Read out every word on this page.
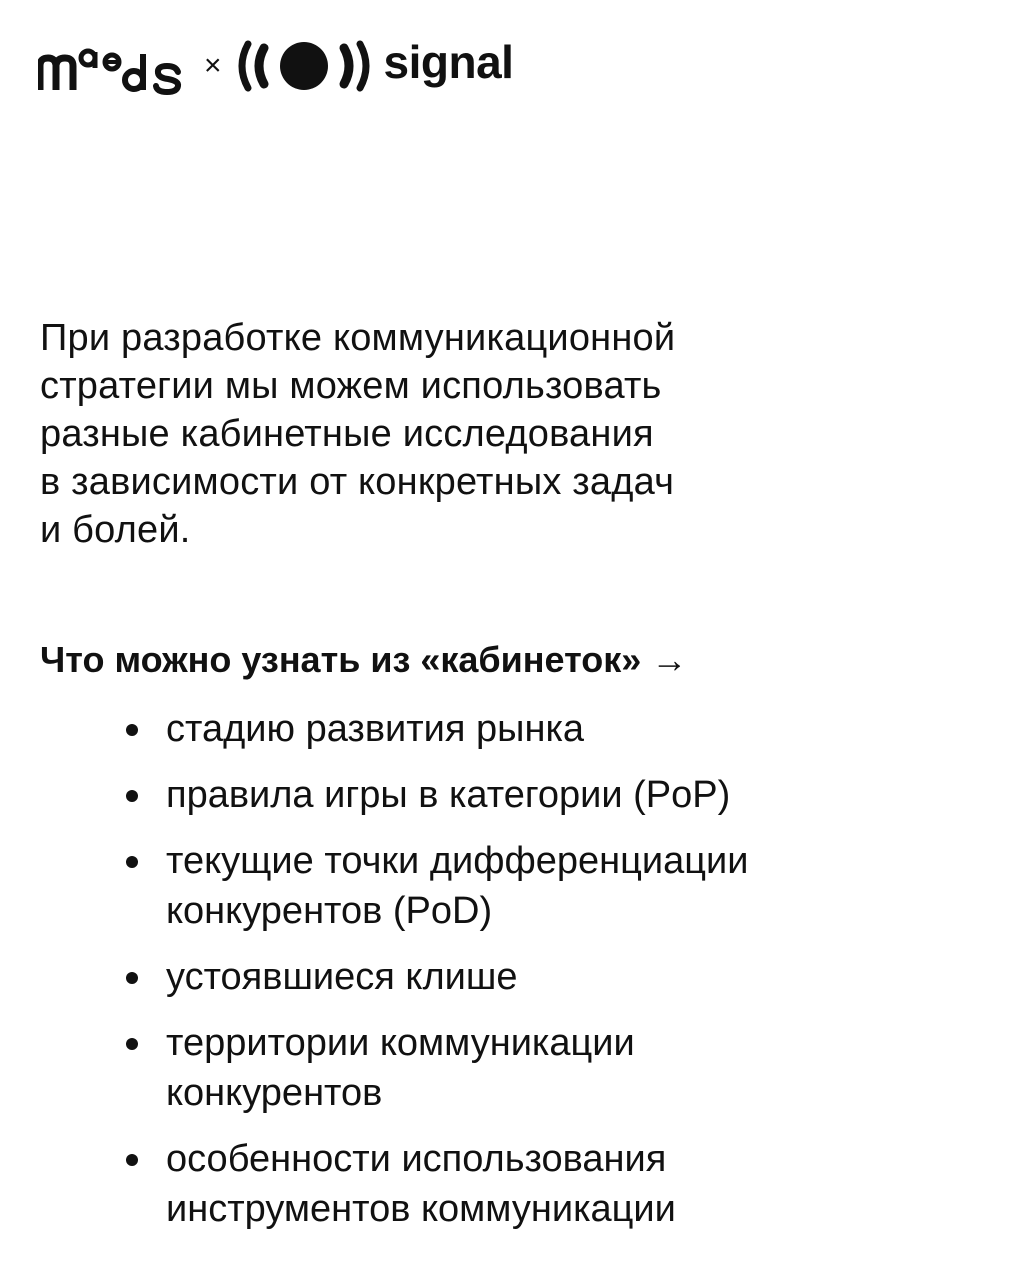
×	signal
При разработке коммуникационной
стратегии мы можем использовать
разные кабинетные исследования
в зависимости от конкретных задач
и болей.
Что можно узнать из «кабинеток» →
стадию развития рынка
правила игры в категории (PoP)
текущие точки дифференциации
конкурентов (PoD)
устоявшиеся клише
территории коммуникации
конкурентов
особенности использования
инструментов коммуникации
